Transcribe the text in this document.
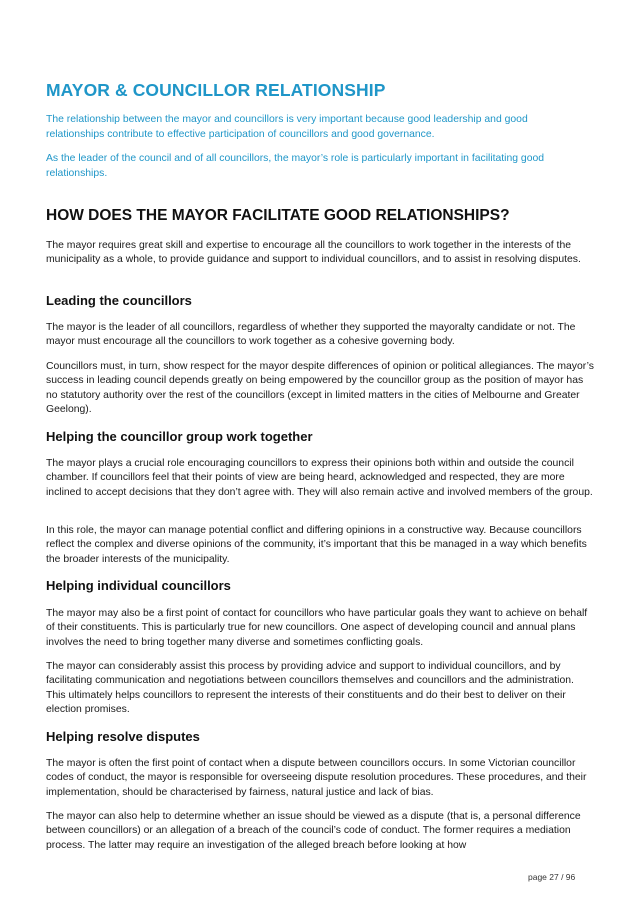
MAYOR & COUNCILLOR RELATIONSHIP

The relationship between the mayor and councillors is very important because good leadership and good relationships contribute to effective participation of councillors and good governance.

As the leader of the council and of all councillors, the mayor’s role is particularly important in facilitating good relationships.

HOW DOES THE MAYOR FACILITATE GOOD RELATIONSHIPS?

The mayor requires great skill and expertise to encourage all the councillors to work together in the interests of the municipality as a whole, to provide guidance and support to individual councillors, and to assist in resolving disputes.

Leading the councillors

The mayor is the leader of all councillors, regardless of whether they supported the mayoralty candidate or not. The mayor must encourage all the councillors to work together as a cohesive governing body.

Councillors must, in turn, show respect for the mayor despite differences of opinion or political allegiances. The mayor’s success in leading council depends greatly on being empowered by the councillor group as the position of mayor has no statutory authority over the rest of the councillors (except in limited matters in the cities of Melbourne and Greater Geelong).

Helping the councillor group work together

The mayor plays a crucial role encouraging councillors to express their opinions both within and outside the council chamber. If councillors feel that their points of view are being heard, acknowledged and respected, they are more inclined to accept decisions that they don’t agree with. They will also remain active and involved members of the group.

In this role, the mayor can manage potential conflict and differing opinions in a constructive way. Because councillors reflect the complex and diverse opinions of the community, it’s important that this be managed in a way which benefits the broader interests of the municipality.

Helping individual councillors

The mayor may also be a first point of contact for councillors who have particular goals they want to achieve on behalf of their constituents. This is particularly true for new councillors. One aspect of developing council and annual plans involves the need to bring together many diverse and sometimes conflicting goals.

The mayor can considerably assist this process by providing advice and support to individual councillors, and by facilitating communication and negotiations between councillors themselves and councillors and the administration. This ultimately helps councillors to represent the interests of their constituents and do their best to deliver on their election promises.

Helping resolve disputes

The mayor is often the first point of contact when a dispute between councillors occurs. In some Victorian councillor codes of conduct, the mayor is responsible for overseeing dispute resolution procedures. These procedures, and their implementation, should be characterised by fairness, natural justice and lack of bias.

The mayor can also help to determine whether an issue should be viewed as a dispute (that is, a personal difference between councillors) or an allegation of a breach of the council’s code of conduct. The former requires a mediation process. The latter may require an investigation of the alleged breach before looking at how

page 27 / 96
